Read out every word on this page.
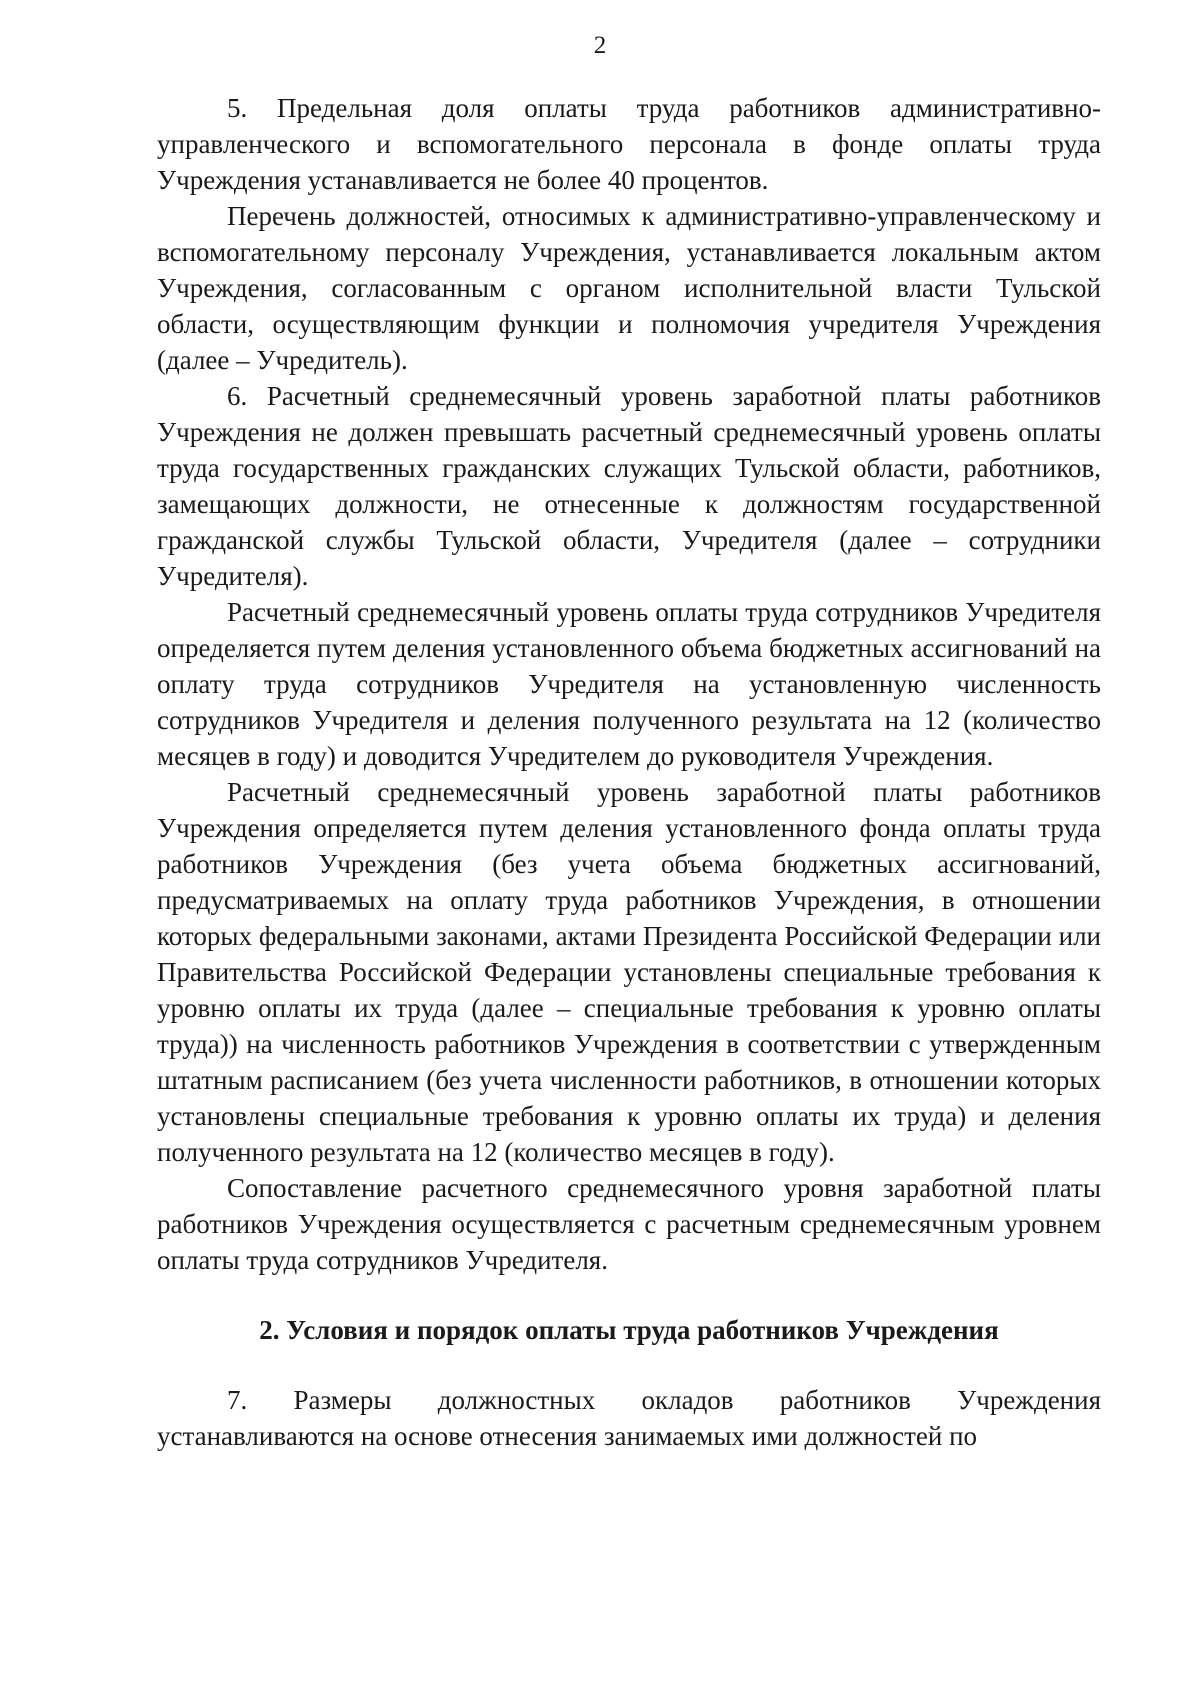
2

5. Предельная доля оплаты труда работников административно-управленческого и вспомогательного персонала в фонде оплаты труда Учреждения устанавливается не более 40 процентов.

Перечень должностей, относимых к административно-управленческому и вспомогательному персоналу Учреждения, устанавливается локальным актом Учреждения, согласованным с органом исполнительной власти Тульской области, осуществляющим функции и полномочия учредителя Учреждения (далее – Учредитель).

6. Расчетный среднемесячный уровень заработной платы работников Учреждения не должен превышать расчетный среднемесячный уровень оплаты труда государственных гражданских служащих Тульской области, работников, замещающих должности, не отнесенные к должностям государственной гражданской службы Тульской области, Учредителя (далее – сотрудники Учредителя).

Расчетный среднемесячный уровень оплаты труда сотрудников Учредителя определяется путем деления установленного объема бюджетных ассигнований на оплату труда сотрудников Учредителя на установленную численность сотрудников Учредителя и деления полученного результата на 12 (количество месяцев в году) и доводится Учредителем до руководителя Учреждения.

Расчетный среднемесячный уровень заработной платы работников Учреждения определяется путем деления установленного фонда оплаты труда работников Учреждения (без учета объема бюджетных ассигнований, предусматриваемых на оплату труда работников Учреждения, в отношении которых федеральными законами, актами Президента Российской Федерации или Правительства Российской Федерации установлены специальные требования к уровню оплаты их труда (далее – специальные требования к уровню оплаты труда)) на численность работников Учреждения в соответствии с утвержденным штатным расписанием (без учета численности работников, в отношении которых установлены специальные требования к уровню оплаты их труда) и деления полученного результата на 12 (количество месяцев в году).

Сопоставление расчетного среднемесячного уровня заработной платы работников Учреждения осуществляется с расчетным среднемесячным уровнем оплаты труда сотрудников Учредителя.

2. Условия и порядок оплаты труда работников Учреждения

7. Размеры должностных окладов работников Учреждения устанавливаются на основе отнесения занимаемых ими должностей по
